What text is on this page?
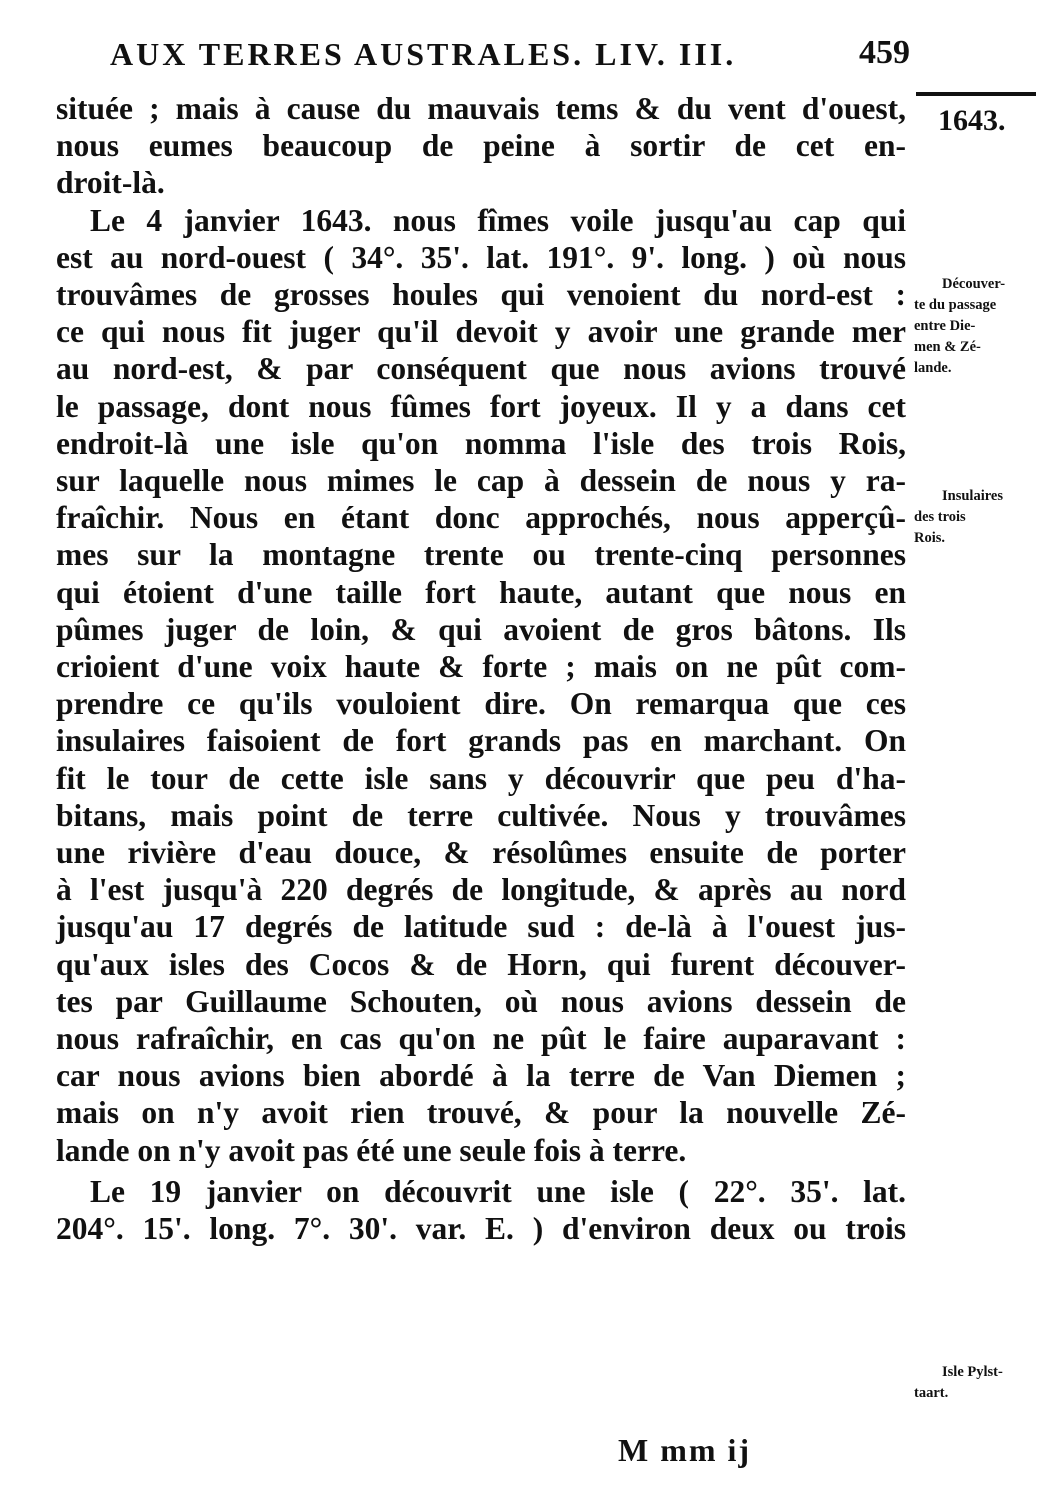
AUX TERRES AUSTRALES. LIV. III.	459
1643.
située ; mais à cause du mauvais tems & du vent d'ouest,
nous eumes beaucoup de peine à sortir de cet en-
droit-là.
Le 4 janvier 1643. nous fîmes voile jusqu'au cap qui
est au nord-ouest ( 34°. 35'. lat. 191°. 9'. long. ) où nous
trouvâmes de grosses houles qui venoient du nord-est :
ce qui nous fit juger qu'il devoit y avoir une grande mer
au nord-est, & par conséquent que nous avions trouvé
le passage, dont nous fûmes fort joyeux. Il y a dans cet
endroit-là une isle qu'on nomma l'isle des trois Rois,
sur laquelle nous mimes le cap à dessein de nous y ra-
fraîchir. Nous en étant donc approchés, nous apperçû-
mes sur la montagne trente ou trente-cinq personnes
qui étoient d'une taille fort haute, autant que nous en
pûmes juger de loin, & qui avoient de gros bâtons. Ils
crioient d'une voix haute & forte ; mais on ne pût com-
prendre ce qu'ils vouloient dire. On remarqua que ces
insulaires faisoient de fort grands pas en marchant. On
fit le tour de cette isle sans y découvrir que peu d'ha-
bitans, mais point de terre cultivée. Nous y trouvâmes
une rivière d'eau douce, & résolûmes ensuite de porter
à l'est jusqu'à 220 degrés de longitude, & après au nord
jusqu'au 17 degrés de latitude sud : de-là à l'ouest jus-
qu'aux isles des Cocos & de Horn, qui furent découver-
tes par Guillaume Schouten, où nous avions dessein de
nous rafraîchir, en cas qu'on ne pût le faire auparavant :
car nous avions bien abordé à la terre de Van Diemen ;
mais on n'y avoit rien trouvé, & pour la nouvelle Zé-
lande on n'y avoit pas été une seule fois à terre.
Le 19 janvier on découvrit une isle ( 22°. 35'. lat.
204°. 15'. long. 7°. 30'. var. E. ) d'environ deux ou trois
M mm ij
Découver-
te du passage
entre Die-
men & Zé-
lande.
Insulaires
des trois
Rois.
Isle Pylst-
taart.
